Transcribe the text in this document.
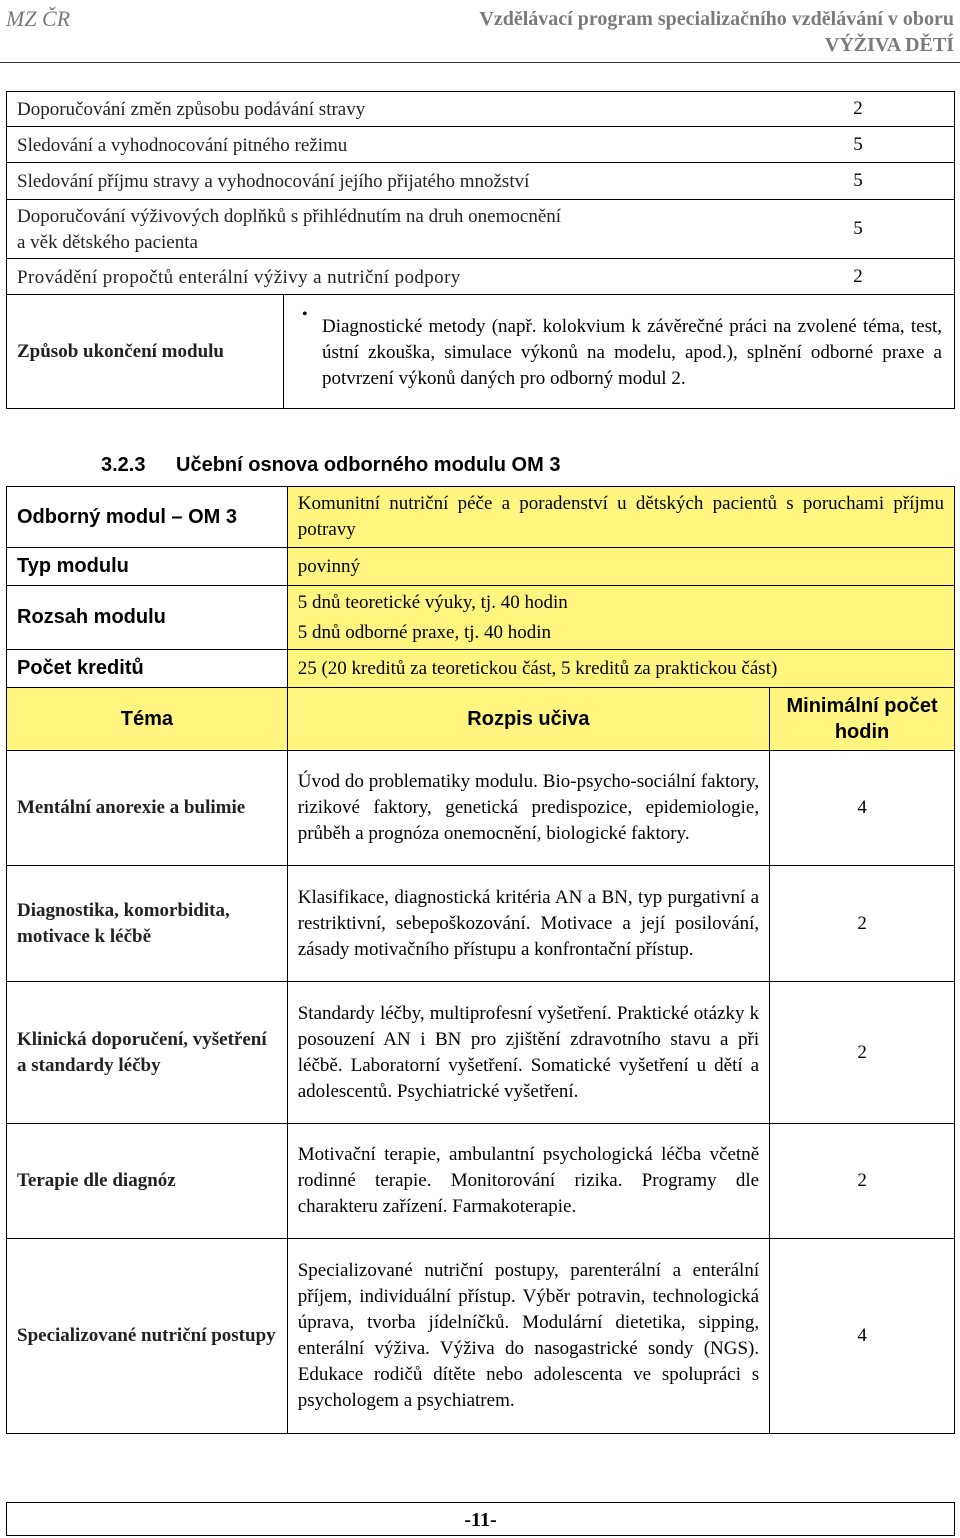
MZ ČR	Vzdělávací program specializačního vzdělávání v oboru
VÝŽIVA DĚTÍ
Doporučování změn způsobu podávání stravy		2
Sledování a vyhodnocování pitného režimu		5
Sledování příjmu stravy a vyhodnocování jejího přijatého množství		5
Doporučování výživových doplňků s přihlédnutím na druh onemocnění a věk dětského pacienta		5
Provádění propočtů enterální výživy a nutriční podpory		2
Způsob ukončení modulu	•
Diagnostické metody (např. kolokvium k závěrečné práci na zvolené téma, test, ústní zkouška, simulace výkonů na modelu, apod.), splnění odborné praxe a potvrzení výkonů daných pro odborný modul 2.	
3.2.3 Učební osnova odborného modulu OM 3
Odborný modul – OM 3	Komunitní nutriční péče a poradenství u dětských pacientů s poruchami příjmu potravy	
Typ modulu	povinný	
Rozsah modulu	5 dnů teoretické výuky, tj. 40 hodin
5 dnů odborné praxe, tj. 40 hodin	

Počet kreditů	25 (20 kreditů za teoretickou část, 5 kreditů za praktickou část)	
Téma	Rozpis učiva	Minimální počet hodin
Mentální anorexie a bulimie	Úvod do problematiky modulu. Bio-psycho-sociální faktory, rizikové faktory, genetická predispozice, epidemiologie, průběh a prognóza onemocnění, biologické faktory.	4
Diagnostika, komorbidita, motivace k léčbě	Klasifikace, diagnostická kritéria AN a BN, typ purgativní a restriktivní, sebepoškozování. Motivace a její posilování, zásady motivačního přístupu a konfrontační přístup.	2
Klinická doporučení, vyšetření a standardy léčby	Standardy léčby, multiprofesní vyšetření. Praktické otázky k posouzení AN i BN pro zjištění zdravotního stavu a při léčbě. Laboratorní vyšetření. Somatické vyšetření u dětí a adolescentů. Psychiatrické vyšetření.	2
Terapie dle diagnóz	Motivační terapie, ambulantní psychologická léčba včetně rodinné terapie. Monitorování rizika. Programy dle charakteru zařízení. Farmakoterapie.	2
Specializované nutriční postupy	Specializované nutriční postupy, parenterální a enterální příjem, individuální přístup. Výběr potravin, technologická úprava, tvorba jídelníčků. Modulární dietetika, sipping, enterální výživa. Výživa do nasogastrické sondy (NGS). Edukace rodičů dítěte nebo adolescenta ve spolupráci s psychologem a psychiatrem.	4
-11-
